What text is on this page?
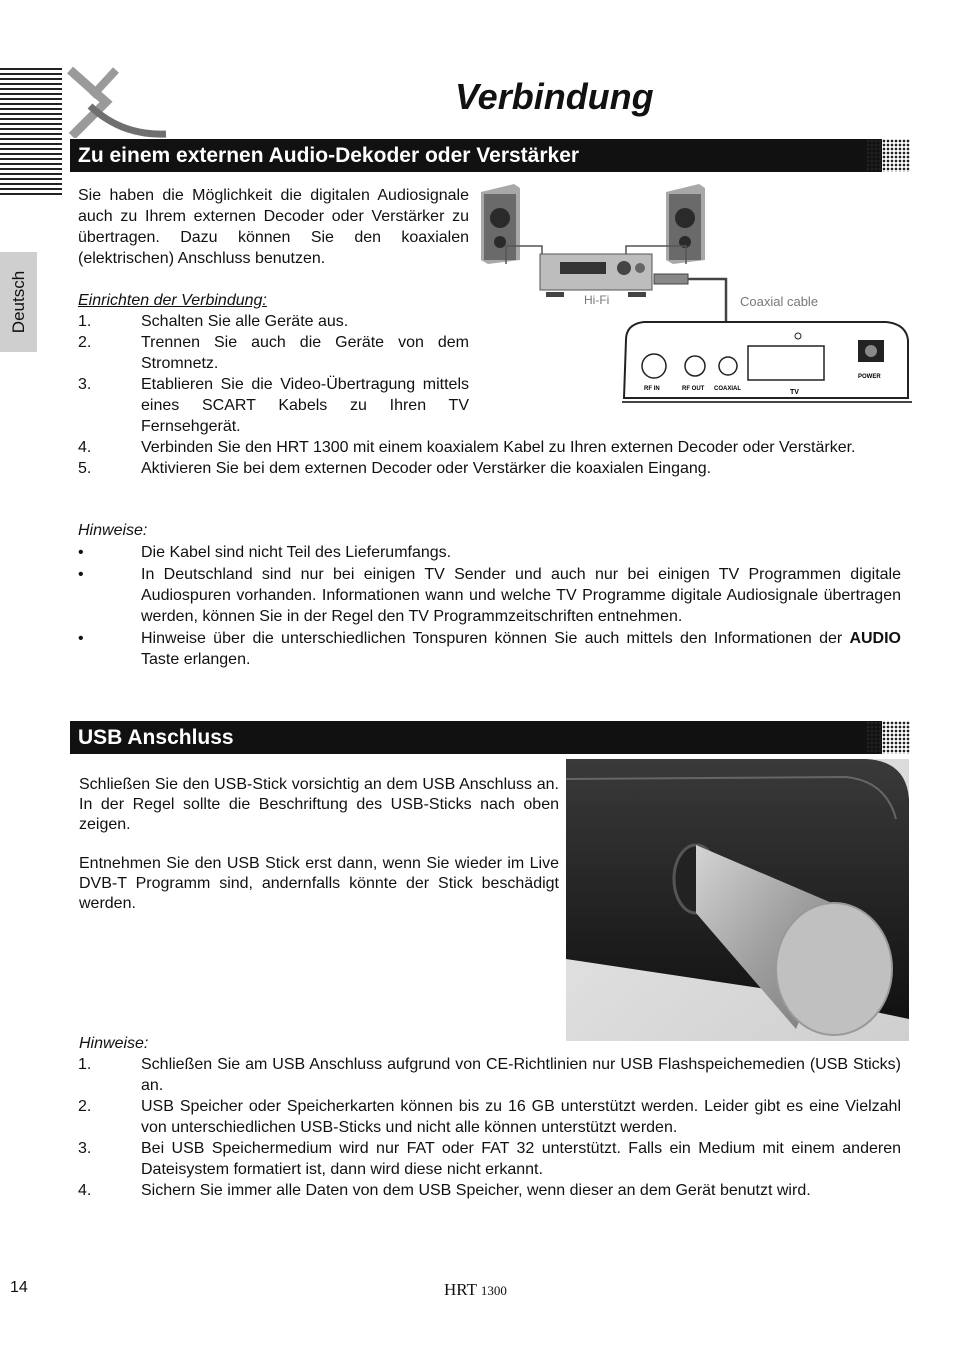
Deutsch
Verbindung
Zu einem externen Audio-Dekoder oder Verstärker
Sie haben die Möglichkeit die digitalen Audiosignale auch zu Ihrem externen Decoder oder Verstärker zu übertragen. Dazu können Sie den koaxialen (elektrischen) Anschluss benutzen.
Einrichten der Verbindung:
1.	Schalten Sie alle Geräte aus.
2.	Trennen Sie auch die Geräte von dem Stromnetz.
3.	Etablieren Sie die Video-Übertragung mittels eines SCART Kabels zu Ihren TV Fernsehgerät.
4.	Verbinden Sie den HRT 1300 mit einem koaxialem Kabel zu Ihren externen Decoder oder Verstärker.
5.	Aktivieren Sie bei dem externen Decoder oder Verstärker die koaxialen Eingang.
Hinweise:
•	Die Kabel sind nicht Teil des Lieferumfangs.
•	In Deutschland sind nur bei einigen TV Sender und auch nur bei einigen TV Programmen digitale Audiospuren vorhanden. Informationen wann und welche TV Programme digitale Audiosignale übertragen werden, können Sie in der Regel den TV Programmzeitschriften entnehmen.
•	Hinweise über die unterschiedlichen Tonspuren können Sie auch mittels den Informationen der AUDIO Taste erlangen.
Hi-Fi	Coaxial cable
RF IN	RF OUT COAXIAL	TV
POWER
USB Anschluss
Schließen Sie den USB-Stick vorsichtig an dem USB Anschluss an. In der Regel sollte die Beschriftung des USB-Sticks nach oben zeigen.
Entnehmen Sie den USB Stick erst dann, wenn Sie wieder im Live DVB-T Programm sind, andernfalls könnte der Stick beschädigt werden.
Hinweise:
1.	Schließen Sie am USB Anschluss aufgrund von CE-Richtlinien nur USB Flashspeichemedien (USB Sticks) an.
2.	USB Speicher oder Speicherkarten können bis zu 16 GB unterstützt werden. Leider gibt es eine Vielzahl von unterschiedlichen USB-Sticks und nicht alle können unterstützt werden.
3.	Bei USB Speichermedium wird nur FAT oder FAT 32 unterstützt. Falls ein Medium mit einem anderen Dateisystem formatiert ist, dann wird diese nicht erkannt.
4.	Sichern Sie immer alle Daten von dem USB Speicher, wenn dieser an dem Gerät benutzt wird.
14	HRT 1300
